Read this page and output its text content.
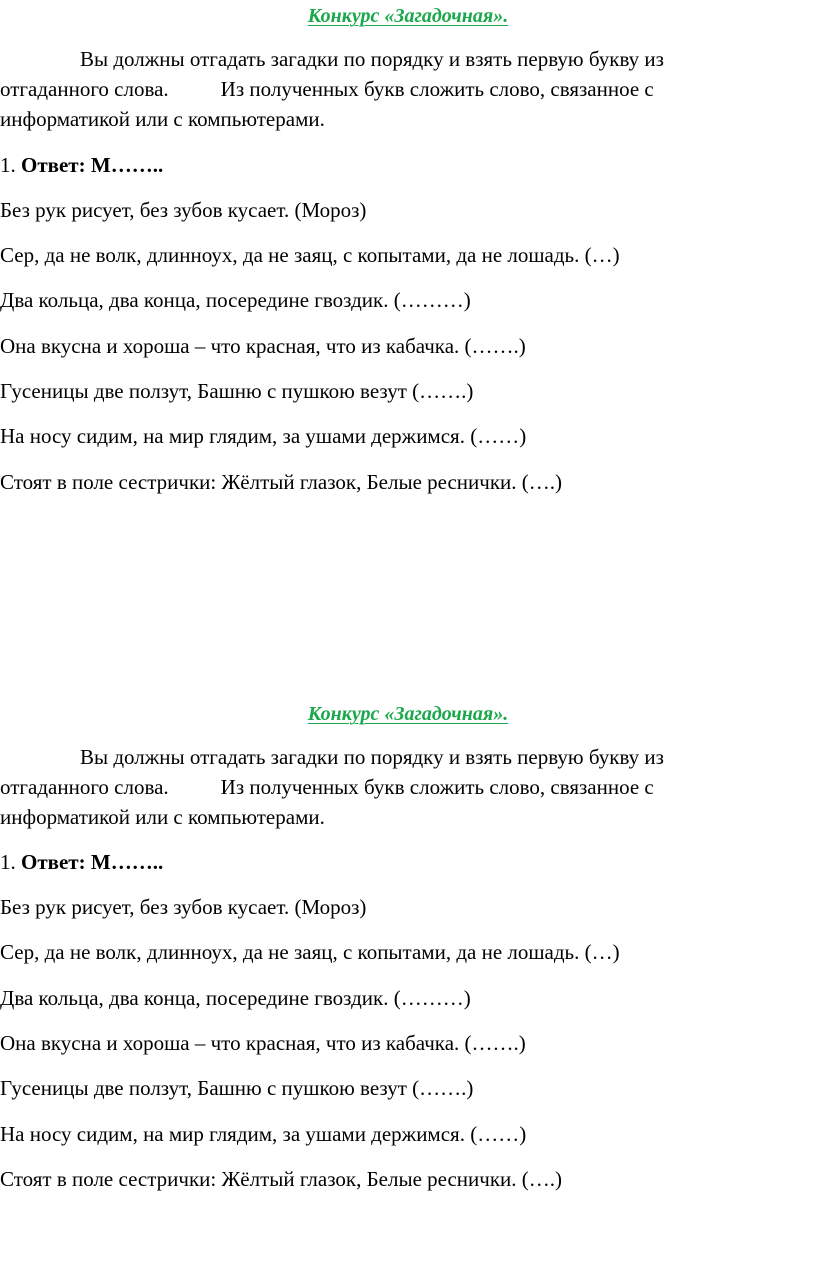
Конкурс «Загадочная».
Вы должны отгадать загадки по порядку и взять первую букву из
отгаданного слова. Из полученных букв сложить слово, связанное с
информатикой или с компьютерами.
1. Ответ: М……..
Без рук рисует, без зубов кусает. (Мороз)
Сер, да не волк, длинноух, да не заяц, с копытами, да не лошадь. (…)
Два кольца, два конца, посередине гвоздик. (………)
Она вкусна и хороша – что красная, что из кабачка. (…….)
Гусеницы две ползут, Башню с пушкою везут (…….)
На носу сидим, на мир глядим, за ушами держимся. (……)
Стоят в поле сестрички: Жёлтый глазок, Белые реснички. (….)
Конкурс «Загадочная».
Вы должны отгадать загадки по порядку и взять первую букву из
отгаданного слова. Из полученных букв сложить слово, связанное с
информатикой или с компьютерами.
1. Ответ: М……..
Без рук рисует, без зубов кусает. (Мороз)
Сер, да не волк, длинноух, да не заяц, с копытами, да не лошадь. (…)
Два кольца, два конца, посередине гвоздик. (………)
Она вкусна и хороша – что красная, что из кабачка. (…….)
Гусеницы две ползут, Башню с пушкою везут (…….)
На носу сидим, на мир глядим, за ушами держимся. (……)
Стоят в поле сестрички: Жёлтый глазок, Белые реснички. (….)
